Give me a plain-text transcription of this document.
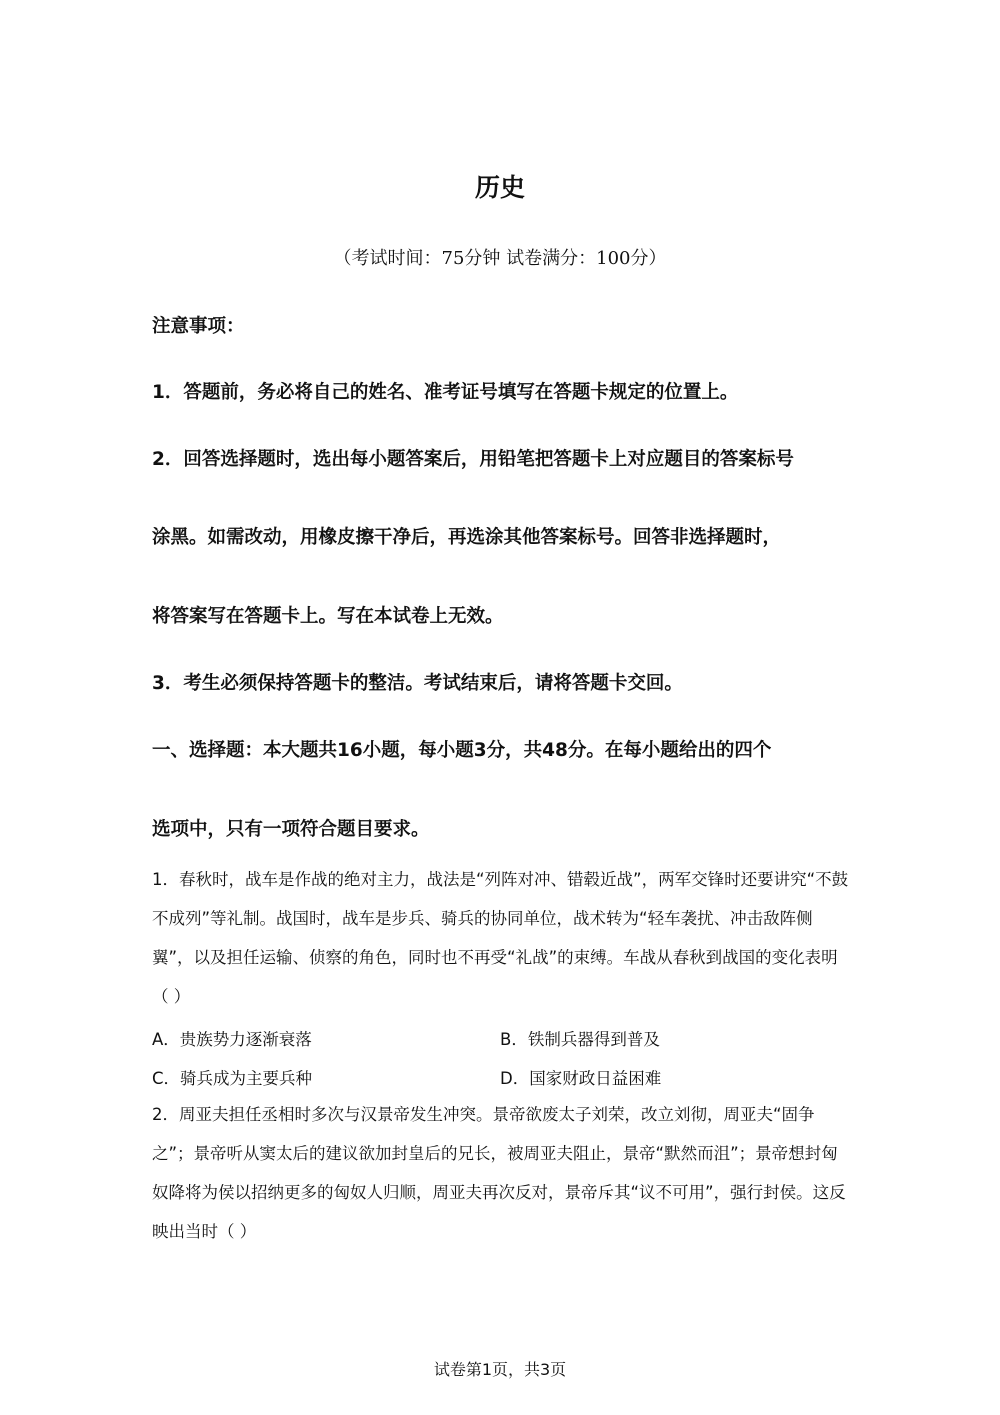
历史
（考试时间：75分钟 试卷满分：100分）
注意事项：
1．答题前，务必将自己的姓名、准考证号填写在答题卡规定的位置上。
2．回答选择题时，选出每小题答案后，用铅笔把答题卡上对应题目的答案标号
涂黑。如需改动，用橡皮擦干净后，再选涂其他答案标号。回答非选择题时，
将答案写在答题卡上。写在本试卷上无效。
3．考生必须保持答题卡的整洁。考试结束后，请将答题卡交回。
一、选择题：本大题共16小题，每小题3分，共48分。在每小题给出的四个
选项中，只有一项符合题目要求。
1．春秋时，战车是作战的绝对主力，战法是“列阵对冲、错毂近战”，两军交锋时还要讲究“不鼓不成列”等礼制。战国时，战车是步兵、骑兵的协同单位，战术转为“轻车袭扰、冲击敌阵侧翼”，以及担任运输、侦察的角色，同时也不再受“礼战”的束缚。车战从春秋到战国的变化表明（ ）
A．贵族势力逐渐衰落	B．铁制兵器得到普及
C．骑兵成为主要兵种	D．国家财政日益困难
2．周亚夫担任丞相时多次与汉景帝发生冲突。景帝欲废太子刘荣，改立刘彻，周亚夫“固争之”；景帝听从窦太后的建议欲加封皇后的兄长，被周亚夫阻止，景帝“默然而沮”；景帝想封匈奴降将为侯以招纳更多的匈奴人归顺，周亚夫再次反对，景帝斥其“议不可用”，强行封侯。这反映出当时（ ）
试卷第1页，共3页
